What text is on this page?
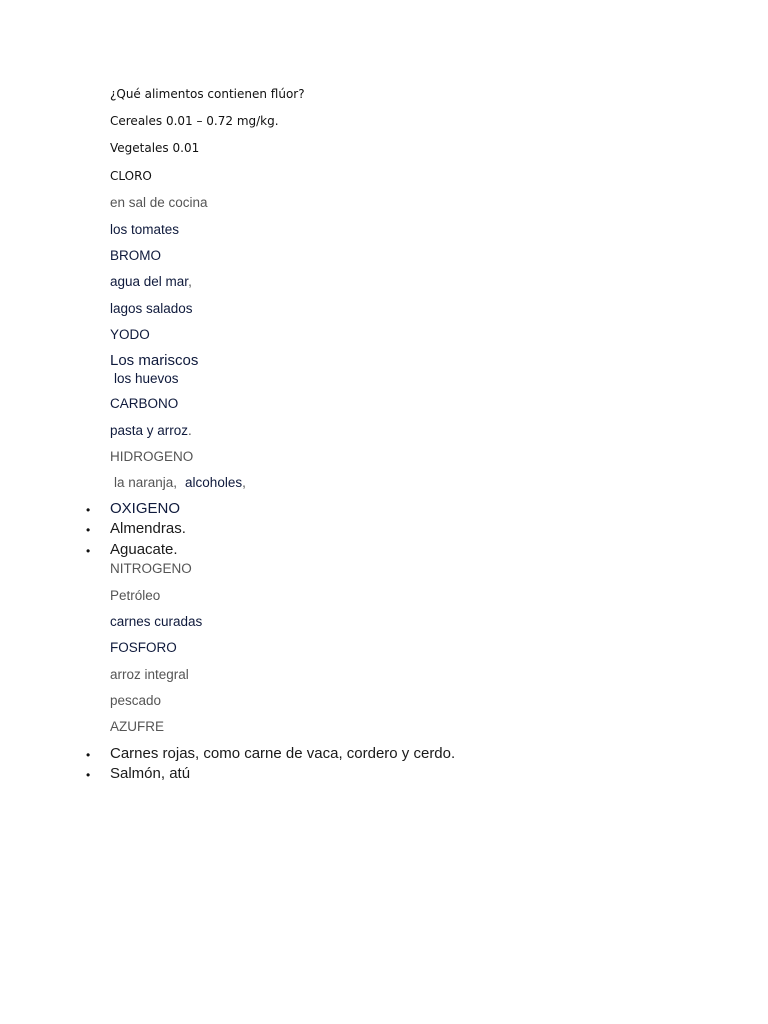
¿Qué alimentos contienen flúor?

Cereales 0.01 – 0.72 mg/kg.

Vegetales 0.01

CLORO

en sal de cocina

los tomates

BROMO

agua del mar,

lagos salados

YODO

Los mariscos

los huevos

CARBONO

pasta y arroz.

HIDROGENO

la naranja, alcoholes,

• OXIGENO

• Almendras.

• Aguacate.

NITROGENO

Petróleo

carnes curadas

FOSFORO

arroz integral

pescado

AZUFRE

• Carnes rojas, como carne de vaca, cordero y cerdo.

• Salmón, atú
